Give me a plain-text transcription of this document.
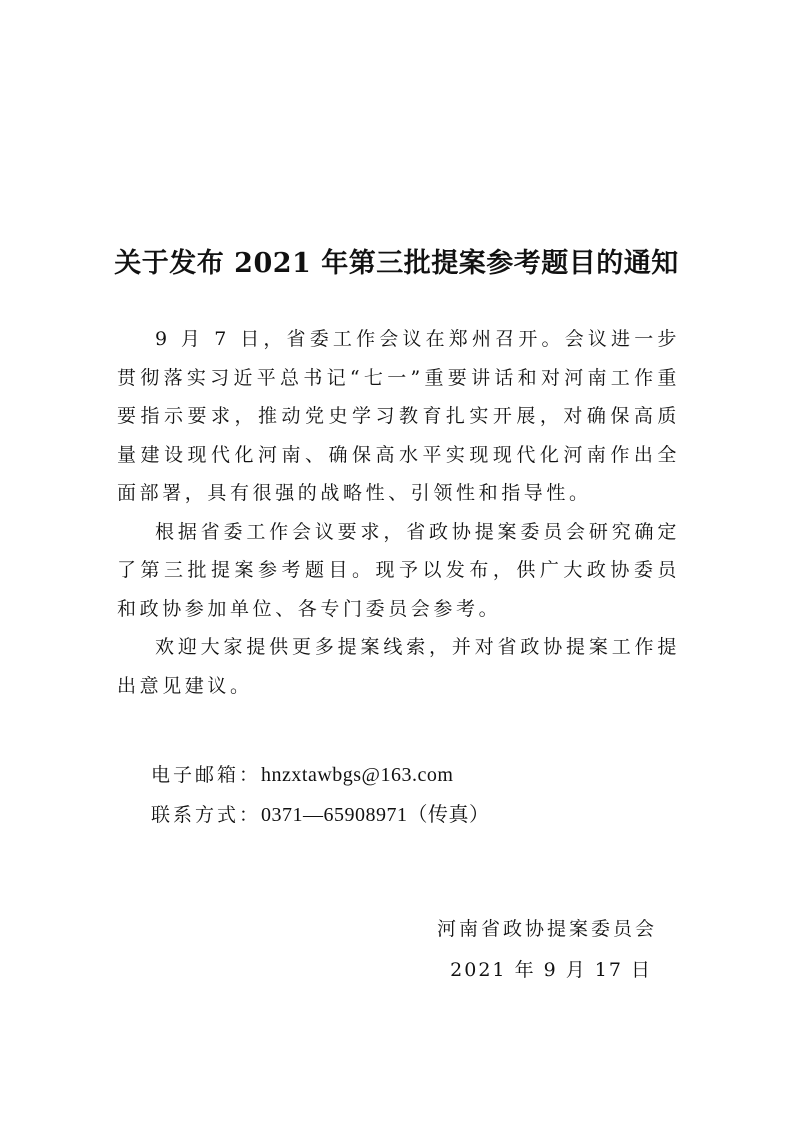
关于发布 2021 年第三批提案参考题目的通知

9 月 7 日，省委工作会议在郑州召开。会议进一步贯彻落实习近平总书记“七一”重要讲话和对河南工作重要指示要求，推动党史学习教育扎实开展，对确保高质量建设现代化河南、确保高水平实现现代化河南作出全面部署，具有很强的战略性、引领性和指导性。

根据省委工作会议要求，省政协提案委员会研究确定了第三批提案参考题目。现予以发布，供广大政协委员和政协参加单位、各专门委员会参考。

欢迎大家提供更多提案线索，并对省政协提案工作提出意见建议。

电子邮箱：hnzxtawbgs@163.com
联系方式：0371—65908971（传真）
河南省政协提案委员会
2021 年 9 月 17 日
